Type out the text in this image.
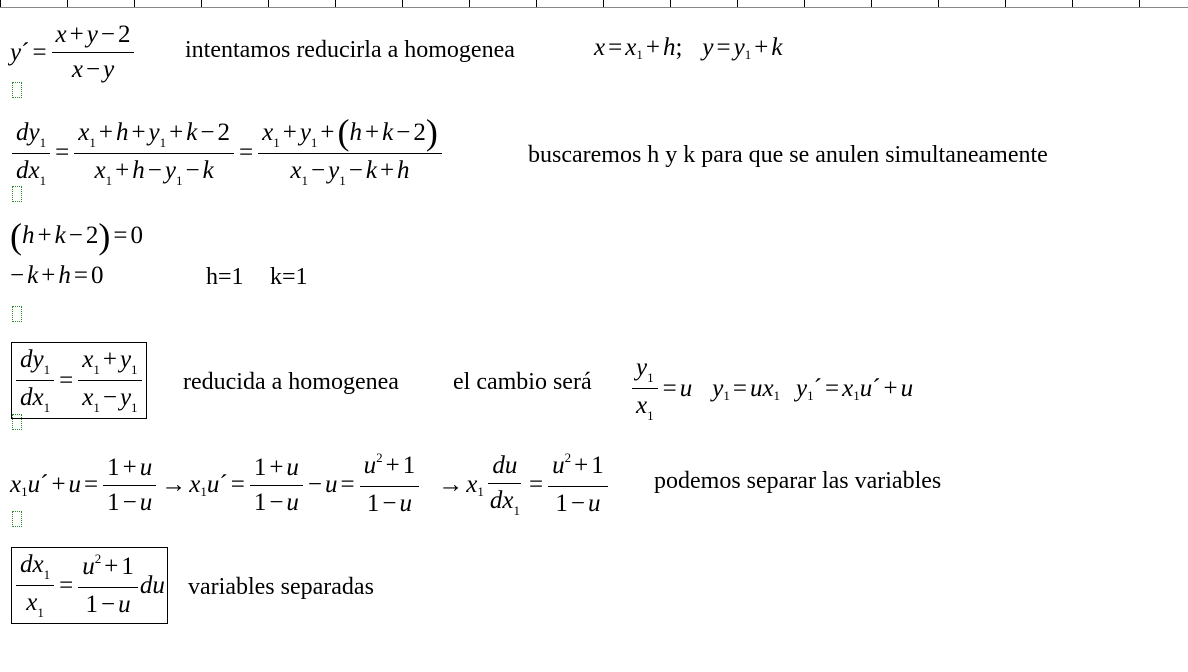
y ´ = $\frac{x + y - 2}{x - y}$ intentamos reducirla a homogenea	x = x 1 + h ; y = y 1 + k
$\frac{dy_1}{dx_1} = \frac{x_1 + h + y_1 + k - 2}{x_1 + h - y_1 - k} = \frac{x_1 + y_1 +(h + k - 2)}{x_1 - y_1 - k + h}$	buscaremos h y k para que se anulen simultaneamente
( h + k − 2 ) = 0
− k + h = 0	h=1 k=1
$\frac{dy_1}{dx_1} = \frac{x_1 + y_1}{x_1 - y_1}$ reducida a homogenea el cambio será $\frac{y_1}{x_1} = u$ y 1 = ux 1 y 1 ´ = x 1 u ´ + u
x 1 u ´ + $u = \frac{1 + u}{1 - u} \to x$ 1 u ´ = $\frac{1 + u}{1 - u} - u = \frac{u^2 + 1}{1 - u} \to x$ $1 \frac{du}{dx_1} = \frac{u^2 + 1}{1 - u}$ podemos separar las variables
$\frac{dx_1}{x_1} = \frac{u^2 + 1}{1 - u}$ du variables separadas
